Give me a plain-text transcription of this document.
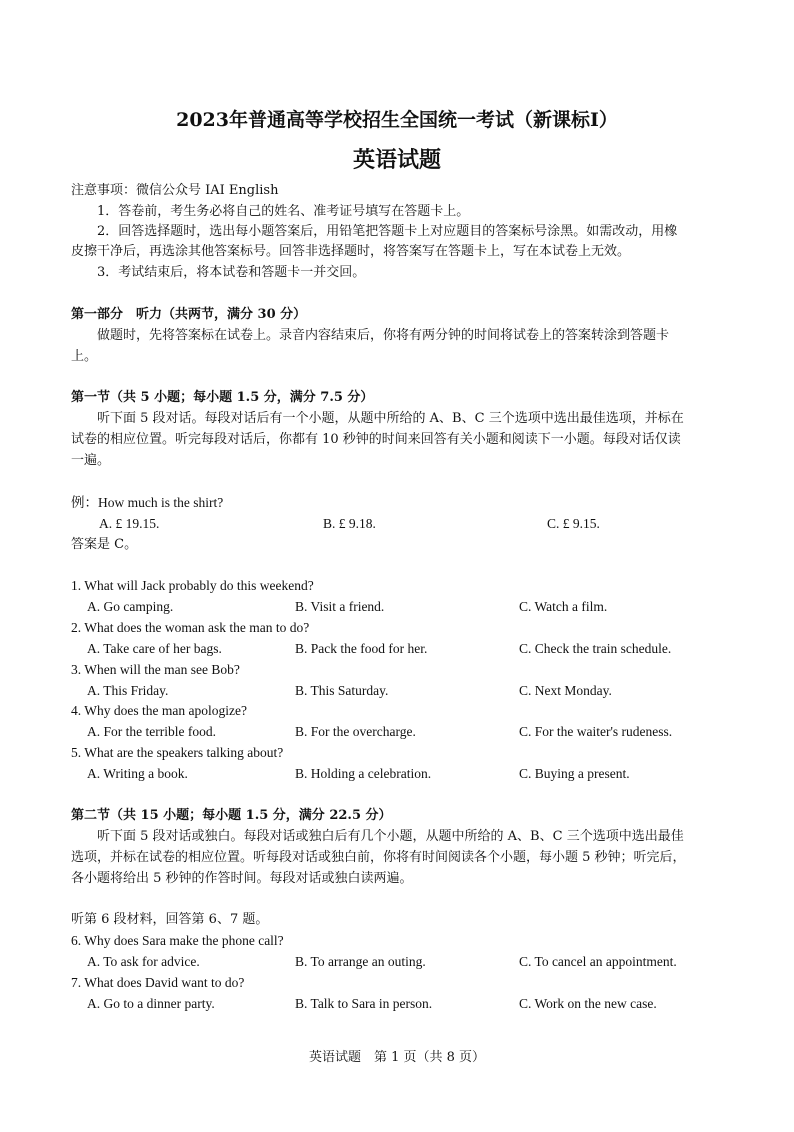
2023年普通高等学校招生全国统一考试（新课标I）
英语试题
注意事项：微信公众号 IAI English
1．答卷前，考生务必将自己的姓名、准考证号填写在答题卡上。
2．回答选择题时，选出每小题答案后，用铅笔把答题卡上对应题目的答案标号涂黑。如需改动，用橡
皮擦干净后，再选涂其他答案标号。回答非选择题时，将答案写在答题卡上，写在本试卷上无效。
3．考试结束后，将本试卷和答题卡一并交回。
第一部分　听力（共两节，满分 30 分）
做题时，先将答案标在试卷上。录音内容结束后，你将有两分钟的时间将试卷上的答案转涂到答题卡
上。
第一节（共 5 小题；每小题 1.5 分，满分 7.5 分）
听下面 5 段对话。每段对话后有一个小题，从题中所给的 A、B、C 三个选项中选出最佳选项，并标在
试卷的相应位置。听完每段对话后，你都有 10 秒钟的时间来回答有关小题和阅读下一小题。每段对话仅读
一遍。
例：How much is the shirt?
A. £ 19.15.	B. £ 9.18.	C. £ 9.15.
答案是 C。
1. What will Jack probably do this weekend?
A. Go camping.	B. Visit a friend.	C. Watch a film.
2. What does the woman ask the man to do?
A. Take care of her bags.	B. Pack the food for her.	C. Check the train schedule.
3. When will the man see Bob?
A. This Friday.	B. This Saturday.	C. Next Monday.
4. Why does the man apologize?
A. For the terrible food.	B. For the overcharge.	C. For the waiter's rudeness.
5. What are the speakers talking about?
A. Writing a book.	B. Holding a celebration.	C. Buying a present.
第二节（共 15 小题；每小题 1.5 分，满分 22.5 分）
听下面 5 段对话或独白。每段对话或独白后有几个小题，从题中所给的 A、B、C 三个选项中选出最佳
选项，并标在试卷的相应位置。听每段对话或独白前，你将有时间阅读各个小题，每小题 5 秒钟；听完后，
各小题将给出 5 秒钟的作答时间。每段对话或独白读两遍。
听第 6 段材料，回答第 6、7 题。
6. Why does Sara make the phone call?
A. To ask for advice.	B. To arrange an outing.	C. To cancel an appointment.
7. What does David want to do?
A. Go to a dinner party.	B. Talk to Sara in person.	C. Work on the new case.
英语试题　第 1 页（共 8 页）
